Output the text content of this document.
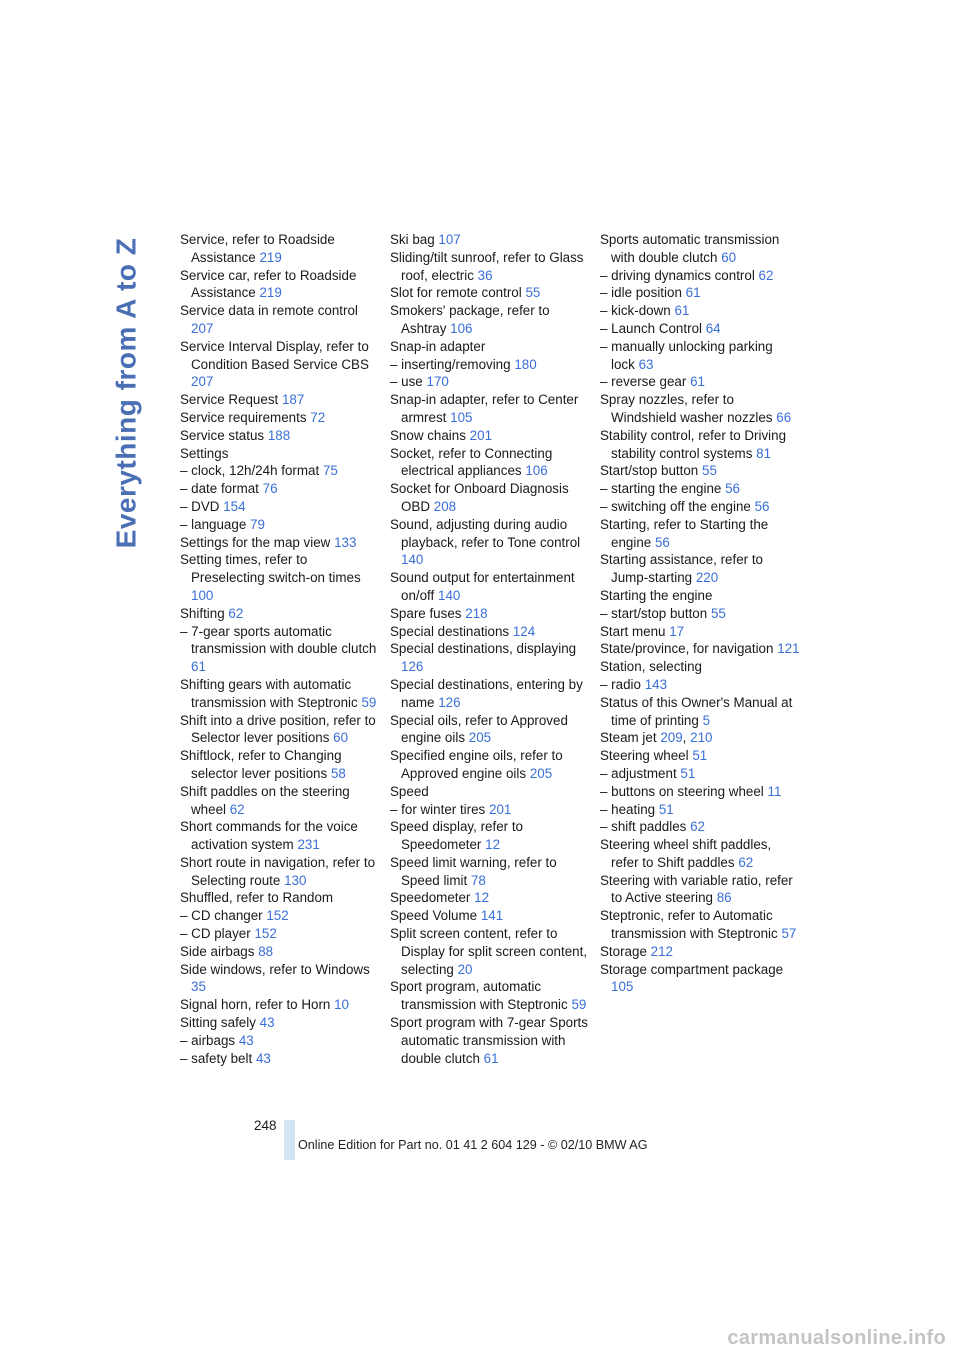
Everything from A to Z	Service, refer to Roadside Assistance 219
Service car, refer to Roadside Assistance 219
Service data in remote control 207
Service Interval Display, refer to Condition Based Service CBS 207
Service Request 187
Service requirements 72
Service status 188
Settings
– clock, 12h/24h format 75
– date format 76
– DVD 154
– language 79
Settings for the map view 133
Setting times, refer to Preselecting switch-on times 100
Shifting 62
– 7-gear sports automatic transmission with double clutch 61
Shifting gears with automatic transmission with Steptronic 59
Shift into a drive position, refer to Selector lever positions 60
Shiftlock, refer to Changing selector lever positions 58
Shift paddles on the steering wheel 62
Short commands for the voice activation system 231
Short route in navigation, refer to Selecting route 130
Shuffled, refer to Random
– CD changer 152
– CD player 152
Side airbags 88
Side windows, refer to Windows 35
Signal horn, refer to Horn 10
Sitting safely 43
– airbags 43
– safety belt 43
Ski bag 107
Sliding/tilt sunroof, refer to Glass roof, electric 36
Slot for remote control 55
Smokers' package, refer to Ashtray 106
Snap-in adapter
– inserting/removing 180
– use 170
Snap-in adapter, refer to Center armrest 105
Snow chains 201
Socket, refer to Connecting electrical appliances 106
Socket for Onboard Diagnosis OBD 208
Sound, adjusting during audio playback, refer to Tone control 140
Sound output for entertainment on/off 140
Spare fuses 218
Special destinations 124
Special destinations, displaying 126
Special destinations, entering by name 126
Special oils, refer to Approved engine oils 205
Specified engine oils, refer to Approved engine oils 205
Speed
– for winter tires 201
Speed display, refer to Speedometer 12
Speed limit warning, refer to Speed limit 78
Speedometer 12
Speed Volume 141
Split screen content, refer to Display for split screen content, selecting 20
Sport program, automatic transmission with Steptronic 59
Sport program with 7-gear Sports automatic transmission with double clutch 61
Sports automatic transmission with double clutch 60
– driving dynamics control 62
– idle position 61
– kick-down 61
– Launch Control 64
– manually unlocking parking lock 63
– reverse gear 61
Spray nozzles, refer to Windshield washer nozzles 66
Stability control, refer to Driving stability control systems 81
Start/stop button 55
– starting the engine 56
– switching off the engine 56
Starting, refer to Starting the engine 56
Starting assistance, refer to Jump-starting 220
Starting the engine
– start/stop button 55
Start menu 17
State/province, for navigation 121
Station, selecting
– radio 143
Status of this Owner's Manual at time of printing 5
Steam jet 209, 210
Steering wheel 51
– adjustment 51
– buttons on steering wheel 11
– heating 51
– shift paddles 62
Steering wheel shift paddles, refer to Shift paddles 62
Steering with variable ratio, refer to Active steering 86
Steptronic, refer to Automatic transmission with Steptronic 57
Storage 212
Storage compartment package 105
248
Online Edition for Part no. 01 41 2 604 129 - © 02/10 BMW AG
carmanualsonline.info
